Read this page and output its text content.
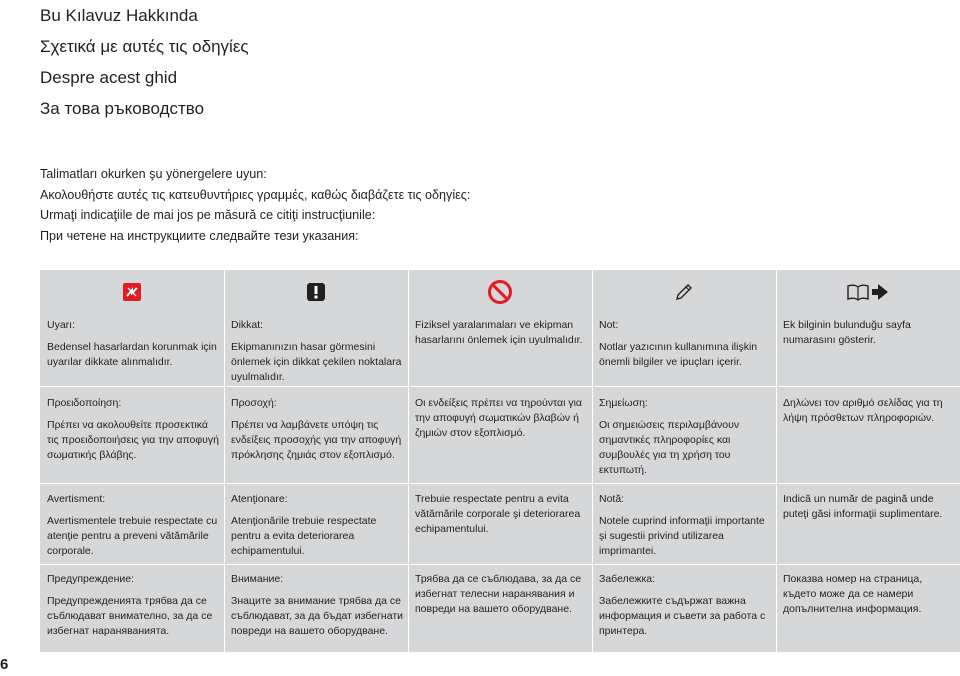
Bu Kılavuz Hakkında
Σχετικά με αυτές τις οδηγίες
Despre acest ghid
За това ръководство
Talimatları okurken şu yönergelere uyun:
Ακολουθήστε αυτές τις κατευθυντήριες γραμμές, καθώς διαβάζετε τις οδηγίες:
Urmaţi indicaţiile de mai jos pe măsură ce citiţi instrucţiunile:
При четене на инструкциите следвайте тези указания:

Uyarı:

Bedensel hasarlardan korunmak için uyarılar dikkate alınmalıdır.

Dikkat:

Ekipmanınızın hasar görmesini önlemek için dikkat çekilen noktalara uyulmalıdır.

Fiziksel yaralanmaları ve ekipman hasarlarını önlemek için uyulmalıdır.

Not:

Notlar yazıcının kullanımına ilişkin önemli bilgiler ve ipuçları içerir.

Ek bilginin bulunduğu sayfa numarasını gösterir.

Προειδοποίηση:

Πρέπει να ακολουθείτε προσεκτικά τις προειδοποιήσεις για την αποφυγή σωματικής βλάβης.

Προσοχή:

Πρέπει να λαμβάνετε υπόψη τις ενδείξεις προσοχής για την αποφυγή πρόκλησης ζημιάς στον εξοπλισμό.

Οι ενδείξεις πρέπει να τηρούνται για την αποφυγή σωματικών βλαβών ή ζημιών στον εξοπλισμό.

Σημείωση:

Οι σημειώσεις περιλαμβάνουν σημαντικές πληροφορίες και συμβουλές για τη χρήση του εκτυπωτή.

Δηλώνει τον αριθμό σελίδας για τη λήψη πρόσθετων πληροφοριών.

Avertisment:

Avertismentele trebuie respectate cu atenţie pentru a preveni vătămările corporale.

Atenţionare:

Atenţionările trebuie respectate pentru a evita deteriorarea echipamentului.

Trebuie respectate pentru a evita vătămările corporale şi deteriorarea echipamentului.

Notă:

Notele cuprind informaţii importante şi sugestii privind utilizarea imprimantei.

Indică un număr de pagină unde puteţi găsi informaţii suplimentare.

Предупреждение:

Предупрежденията трябва да се съблюдават внимателно, за да се избегнат нараняванията.

Внимание:

Знаците за внимание трябва да се съблюдават, за да бъдат избегнати повреди на вашето оборудване.

Трябва да се съблюдава, за да се избегнат телесни наранявания и повреди на вашето оборудване.

Забележка:

Забележките съдържат важна информация и съвети за работа с принтера.

Показва номер на страница, където може да се намери допълнителна информация.

6
